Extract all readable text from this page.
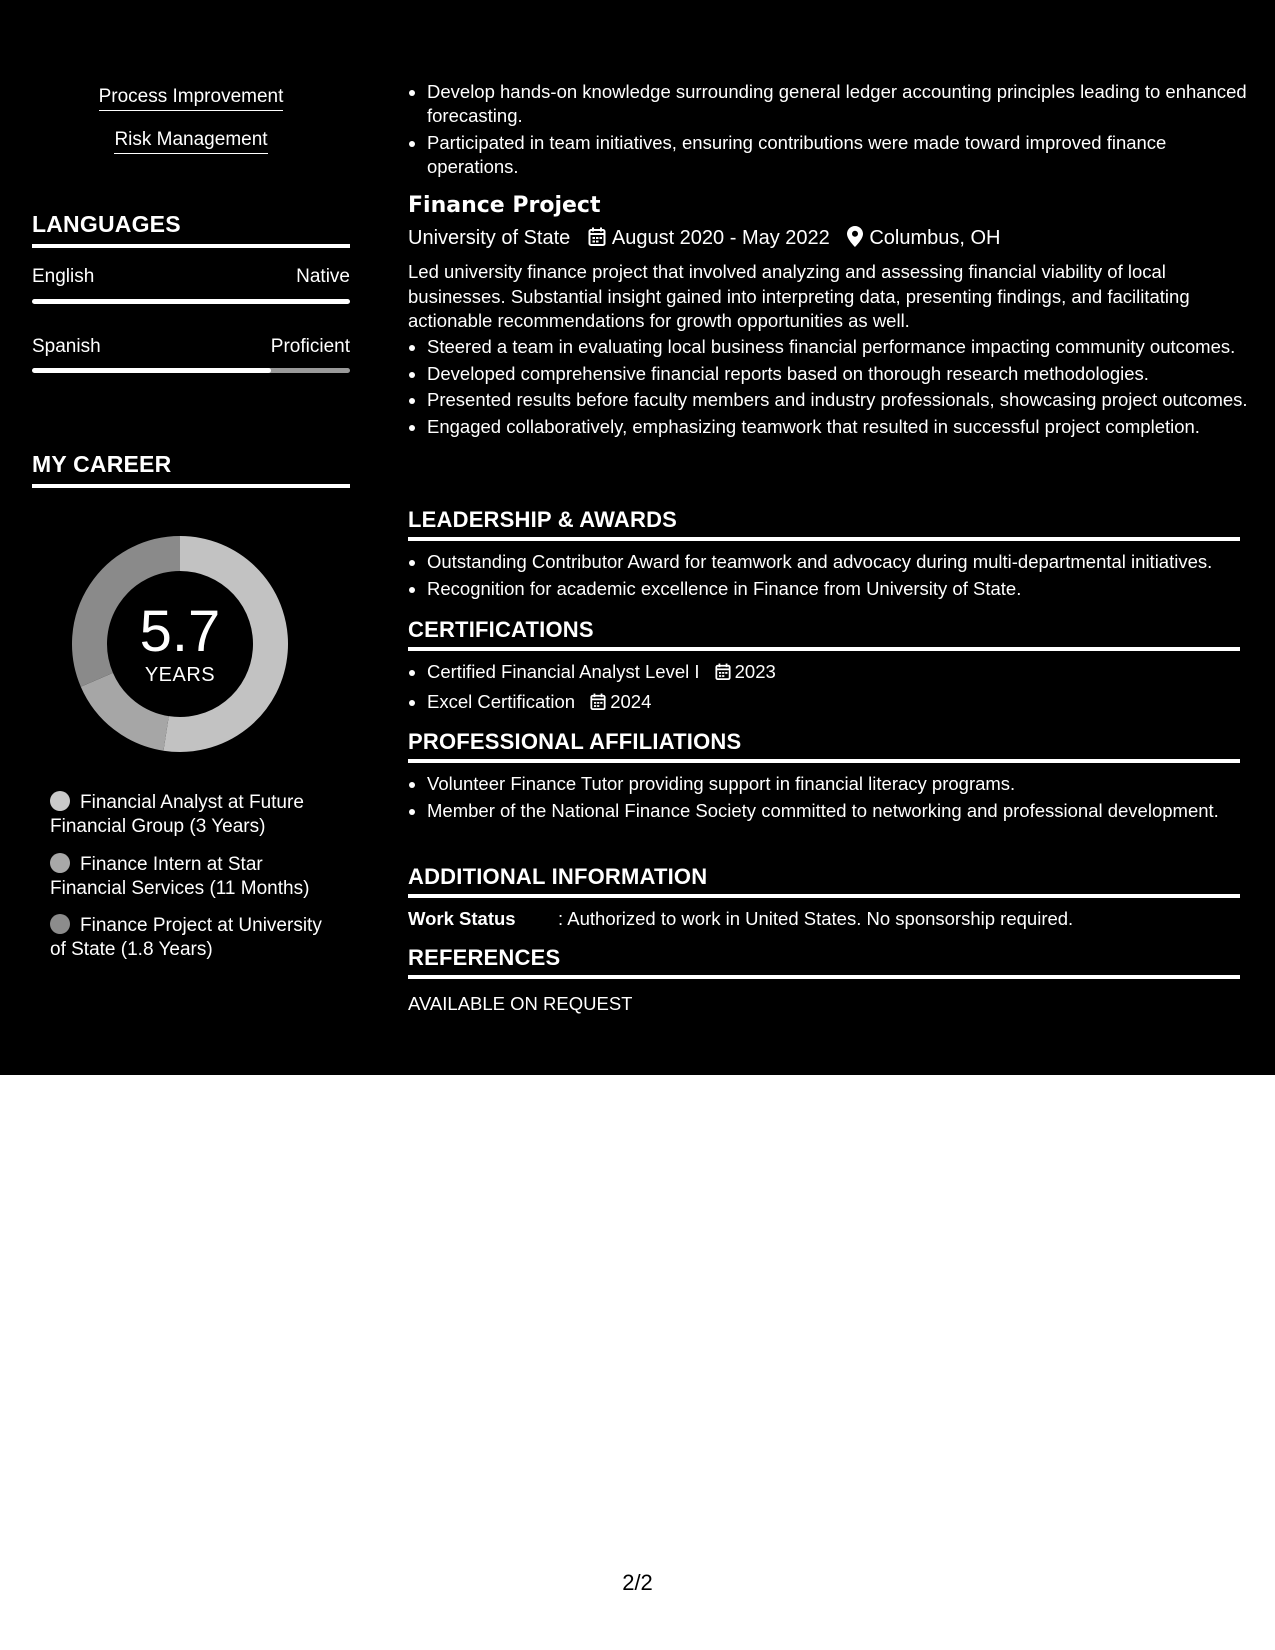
Process Improvement
Risk Management
LANGUAGES
English	Native
Spanish	Proficient
MY CAREER
5.7
YEARS
Financial Analyst at Future Financial Group (3 Years)
Finance Intern at Star Financial Services (11 Months)
Finance Project at University of State (1.8 Years)
• Develop hands-on knowledge surrounding general ledger accounting principles leading to enhanced forecasting.
• Participated in team initiatives, ensuring contributions were made toward improved finance operations.
Finance Project
University of State August 2020 - May 2022 Columbus, OH
Led university finance project that involved analyzing and assessing financial viability of local businesses. Substantial insight gained into interpreting data, presenting findings, and facilitating actionable recommendations for growth opportunities as well.
• Steered a team in evaluating local business financial performance impacting community outcomes.
• Developed comprehensive financial reports based on thorough research methodologies.
• Presented results before faculty members and industry professionals, showcasing project outcomes.
• Engaged collaboratively, emphasizing teamwork that resulted in successful project completion.
LEADERSHIP & AWARDS
• Outstanding Contributor Award for teamwork and advocacy during multi-departmental initiatives.
• Recognition for academic excellence in Finance from University of State.
CERTIFICATIONS
• Certified Financial Analyst Level I 2023
• Excel Certification 2024
PROFESSIONAL AFFILIATIONS
• Volunteer Finance Tutor providing support in financial literacy programs.
• Member of the National Finance Society committed to networking and professional development.
ADDITIONAL INFORMATION
Work Status : Authorized to work in United States. No sponsorship required.
REFERENCES
AVAILABLE ON REQUEST
2/2
